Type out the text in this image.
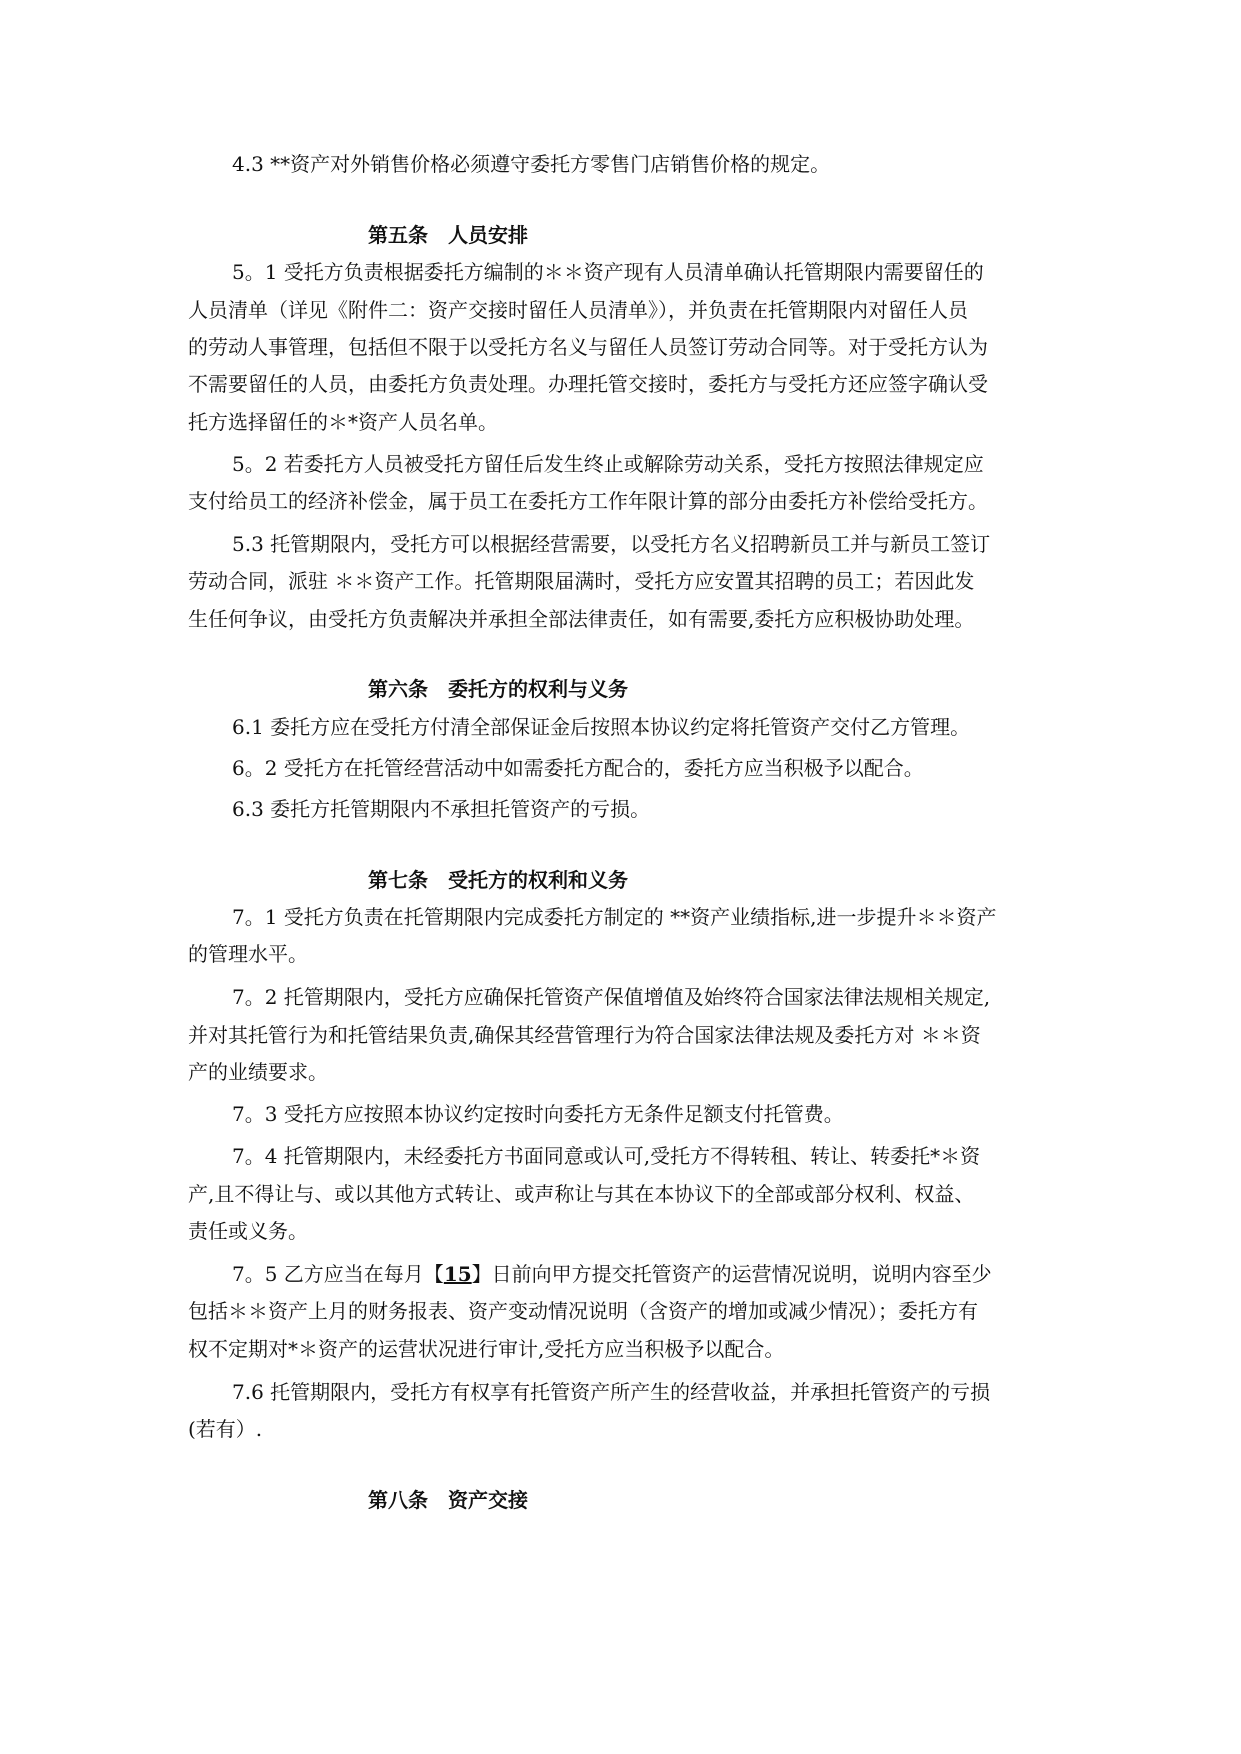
4.3 **资产对外销售价格必须遵守委托方零售门店销售价格的规定。

第五条　人员安排

5。1 受托方负责根据委托方编制的＊＊资产现有人员清单确认托管期限内需要留任的

人员清单（详见《附件二：资产交接时留任人员清单》），并负责在托管期限内对留任人员

的劳动人事管理，包括但不限于以受托方名义与留任人员签订劳动合同等。对于受托方认为

不需要留任的人员，由委托方负责处理。办理托管交接时，委托方与受托方还应签字确认受

托方选择留任的＊*资产人员名单。

5。2 若委托方人员被受托方留任后发生终止或解除劳动关系，受托方按照法律规定应

支付给员工的经济补偿金，属于员工在委托方工作年限计算的部分由委托方补偿给受托方。

5.3 托管期限内，受托方可以根据经营需要，以受托方名义招聘新员工并与新员工签订

劳动合同，派驻 ＊＊资产工作。托管期限届满时，受托方应安置其招聘的员工；若因此发

生任何争议，由受托方负责解决并承担全部法律责任，如有需要,委托方应积极协助处理。

第六条　委托方的权利与义务

6.1 委托方应在受托方付清全部保证金后按照本协议约定将托管资产交付乙方管理。

6。2 受托方在托管经营活动中如需委托方配合的，委托方应当积极予以配合。

6.3 委托方托管期限内不承担托管资产的亏损。

第七条　受托方的权利和义务

7。1 受托方负责在托管期限内完成委托方制定的 **资产业绩指标,进一步提升＊＊资产

的管理水平。

7。2 托管期限内，受托方应确保托管资产保值增值及始终符合国家法律法规相关规定,

并对其托管行为和托管结果负责,确保其经营管理行为符合国家法律法规及委托方对 ＊＊资

产的业绩要求。

7。3 受托方应按照本协议约定按时向委托方无条件足额支付托管费。

7。4 托管期限内，未经委托方书面同意或认可,受托方不得转租、转让、转委托*＊资

产,且不得让与、或以其他方式转让、或声称让与其在本协议下的全部或部分权利、权益、

责任或义务。

7。5 乙方应当在每月【15】日前向甲方提交托管资产的运营情况说明，说明内容至少

包括＊＊资产上月的财务报表、资产变动情况说明（含资产的增加或减少情况）；委托方有

权不定期对*＊资产的运营状况进行审计,受托方应当积极予以配合。

7.6 托管期限内，受托方有权享有托管资产所产生的经营收益，并承担托管资产的亏损

(若有）.

第八条　资产交接
